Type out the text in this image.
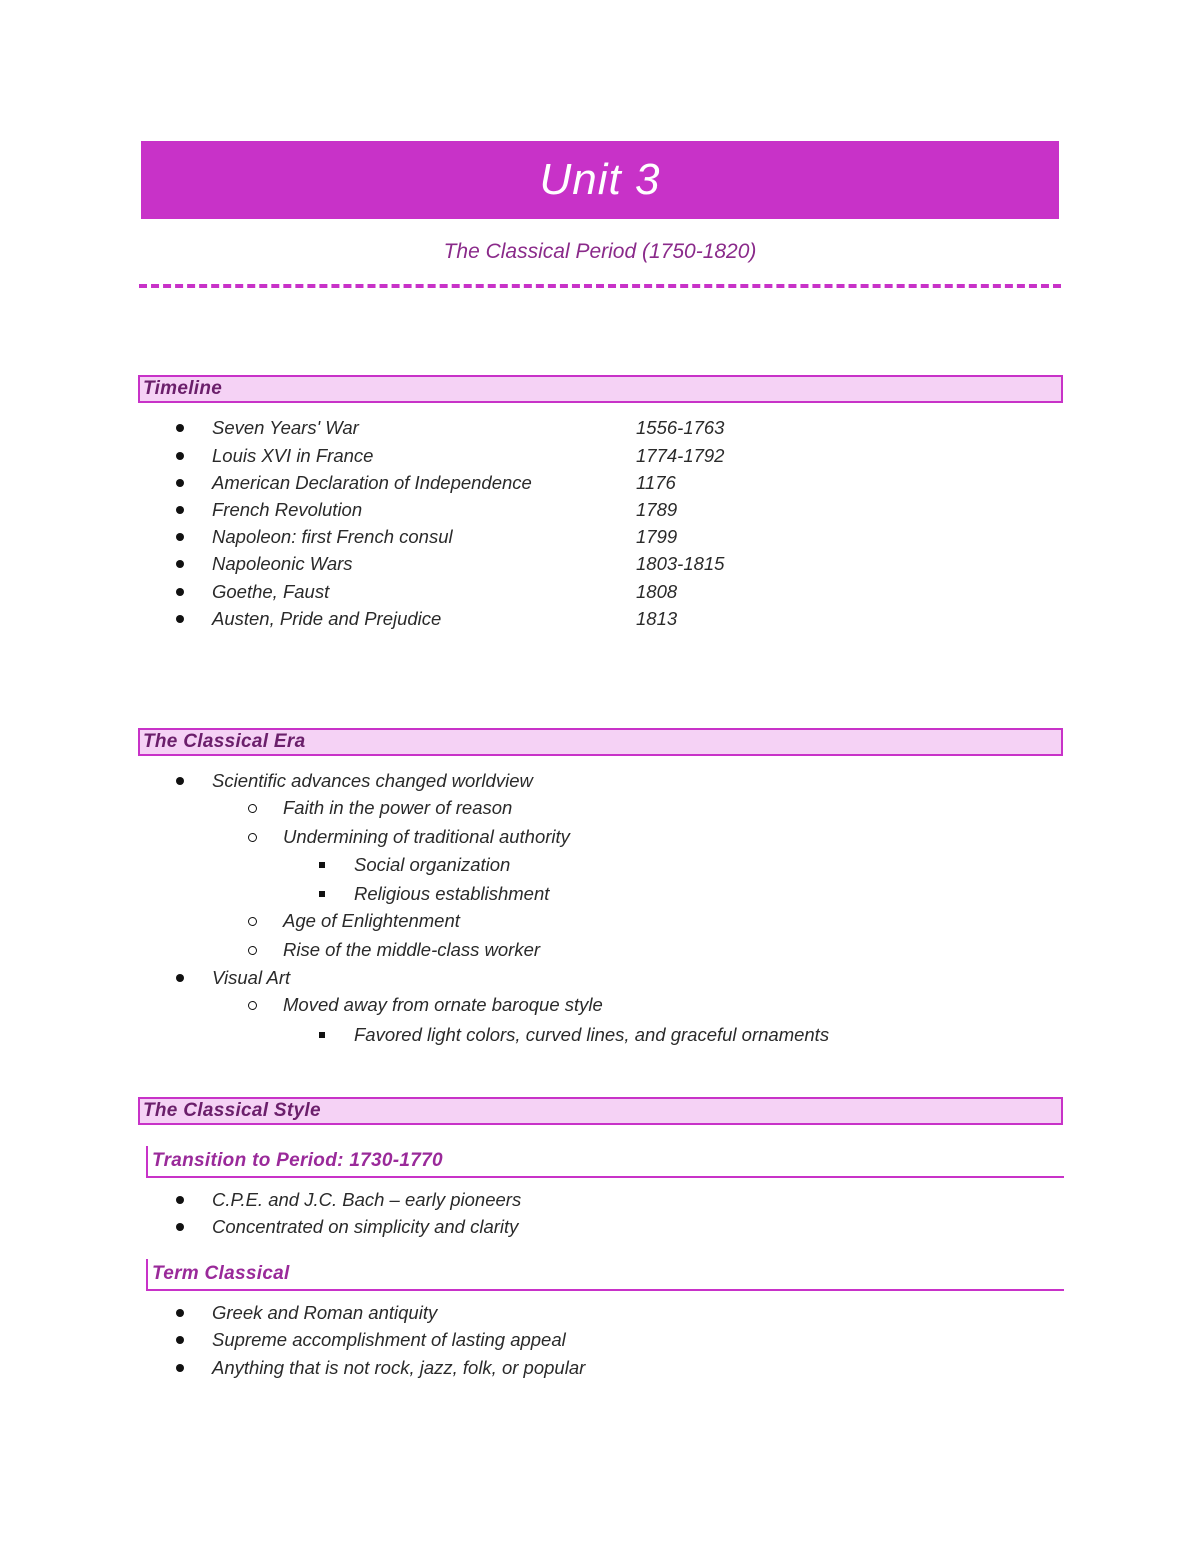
Unit 3
The Classical Period (1750-1820)
Timeline
Seven Years' War	1556-1763
Louis XVI in France	1774-1792
American Declaration of Independence	1176
French Revolution	1789
Napoleon: first French consul	1799
Napoleonic Wars	1803-1815
Goethe, Faust	1808
Austen, Pride and Prejudice	1813
The Classical Era
Scientific advances changed worldview
Faith in the power of reason
Undermining of traditional authority
Social organization
Religious establishment
Age of Enlightenment
Rise of the middle-class worker
Visual Art
Moved away from ornate baroque style
Favored light colors, curved lines, and graceful ornaments
The Classical Style
Transition to Period: 1730-1770
C.P.E. and J.C. Bach – early pioneers
Concentrated on simplicity and clarity
Term Classical
Greek and Roman antiquity
Supreme accomplishment of lasting appeal
Anything that is not rock, jazz, folk, or popular
